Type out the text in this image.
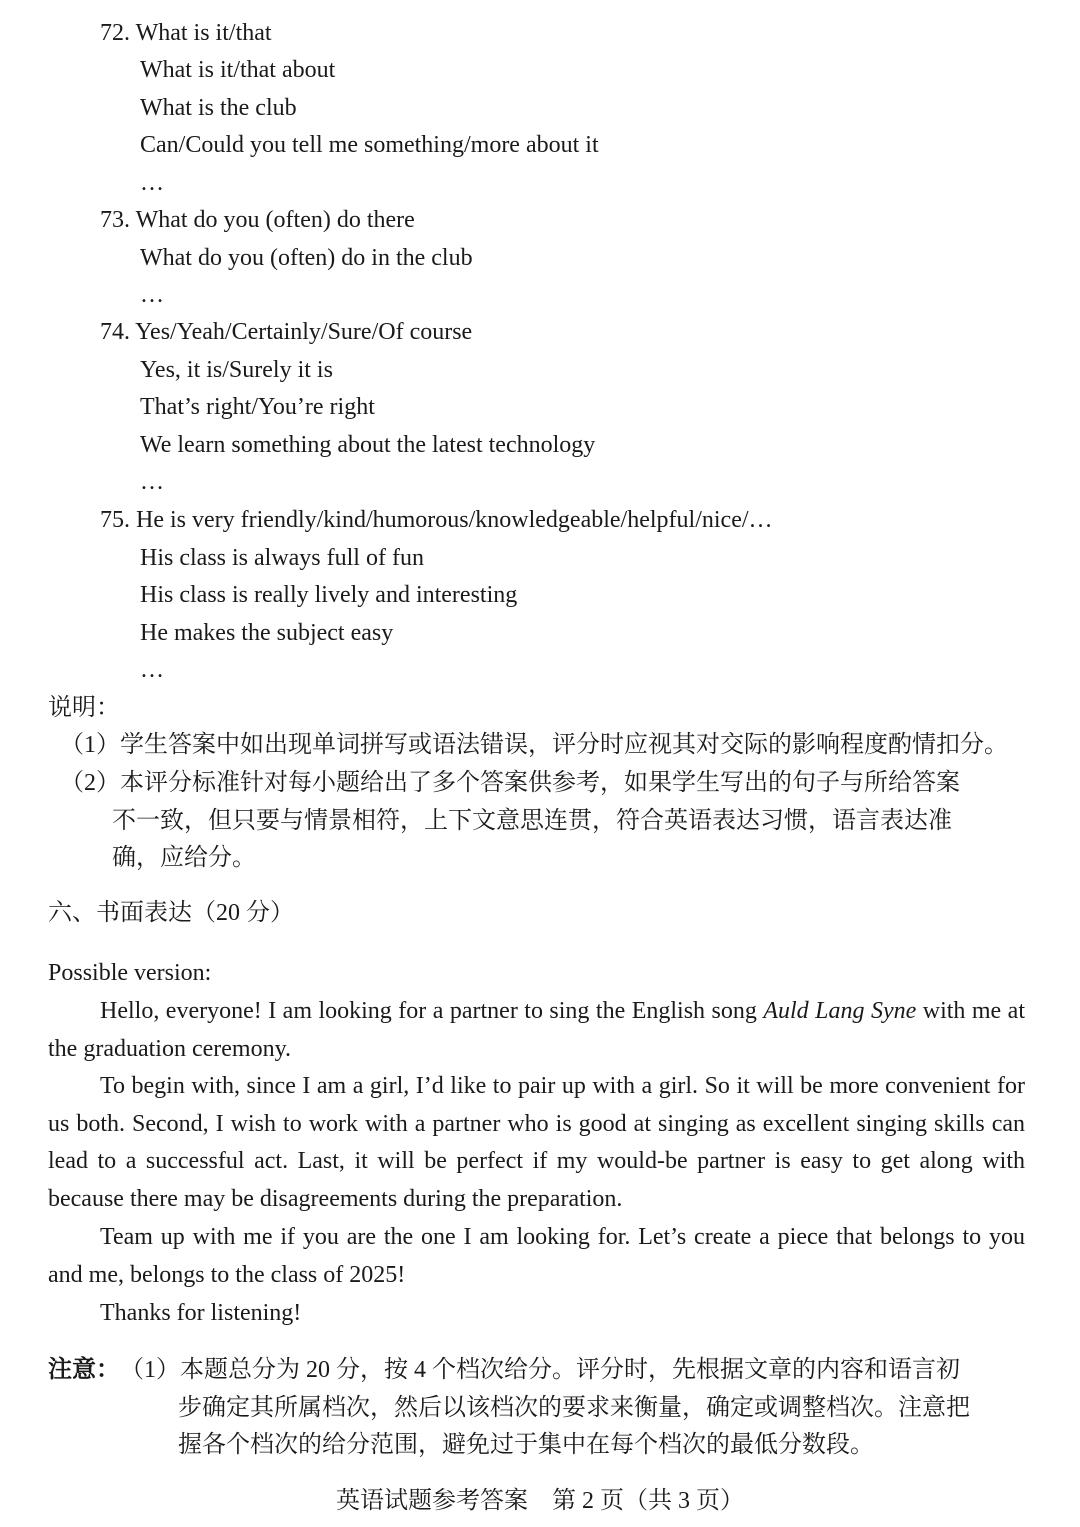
72. What is it/that
What is it/that about
What is the club
Can/Could you tell me something/more about it
…
73. What do you (often) do there
What do you (often) do in the club
…
74. Yes/Yeah/Certainly/Sure/Of course
Yes, it is/Surely it is
That’s right/You’re right
We learn something about the latest technology
…
75. He is very friendly/kind/humorous/knowledgeable/helpful/nice/…
His class is always full of fun
His class is really lively and interesting
He makes the subject easy
…
说明：
（1）学生答案中如出现单词拼写或语法错误，评分时应视其对交际的影响程度酌情扣分。
（2）本评分标准针对每小题给出了多个答案供参考，如果学生写出的句子与所给答案
不一致，但只要与情景相符，上下文意思连贯，符合英语表达习惯，语言表达准
确，应给分。
六、书面表达（20 分）
Possible version:
Hello, everyone! I am looking for a partner to sing the English song Auld Lang Syne with me at the graduation ceremony.
To begin with, since I am a girl, I’d like to pair up with a girl. So it will be more convenient for us both. Second, I wish to work with a partner who is good at singing as excellent singing skills can lead to a successful act. Last, it will be perfect if my would-be partner is easy to get along with because there may be disagreements during the preparation.
Team up with me if you are the one I am looking for. Let’s create a piece that belongs to you and me, belongs to the class of 2025!
Thanks for listening!
注意： （1）本题总分为 20 分，按 4 个档次给分。评分时，先根据文章的内容和语言初
步确定其所属档次，然后以该档次的要求来衡量，确定或调整档次。注意把
握各个档次的给分范围，避免过于集中在每个档次的最低分数段。
英语试题参考答案　第 2 页（共 3 页）
